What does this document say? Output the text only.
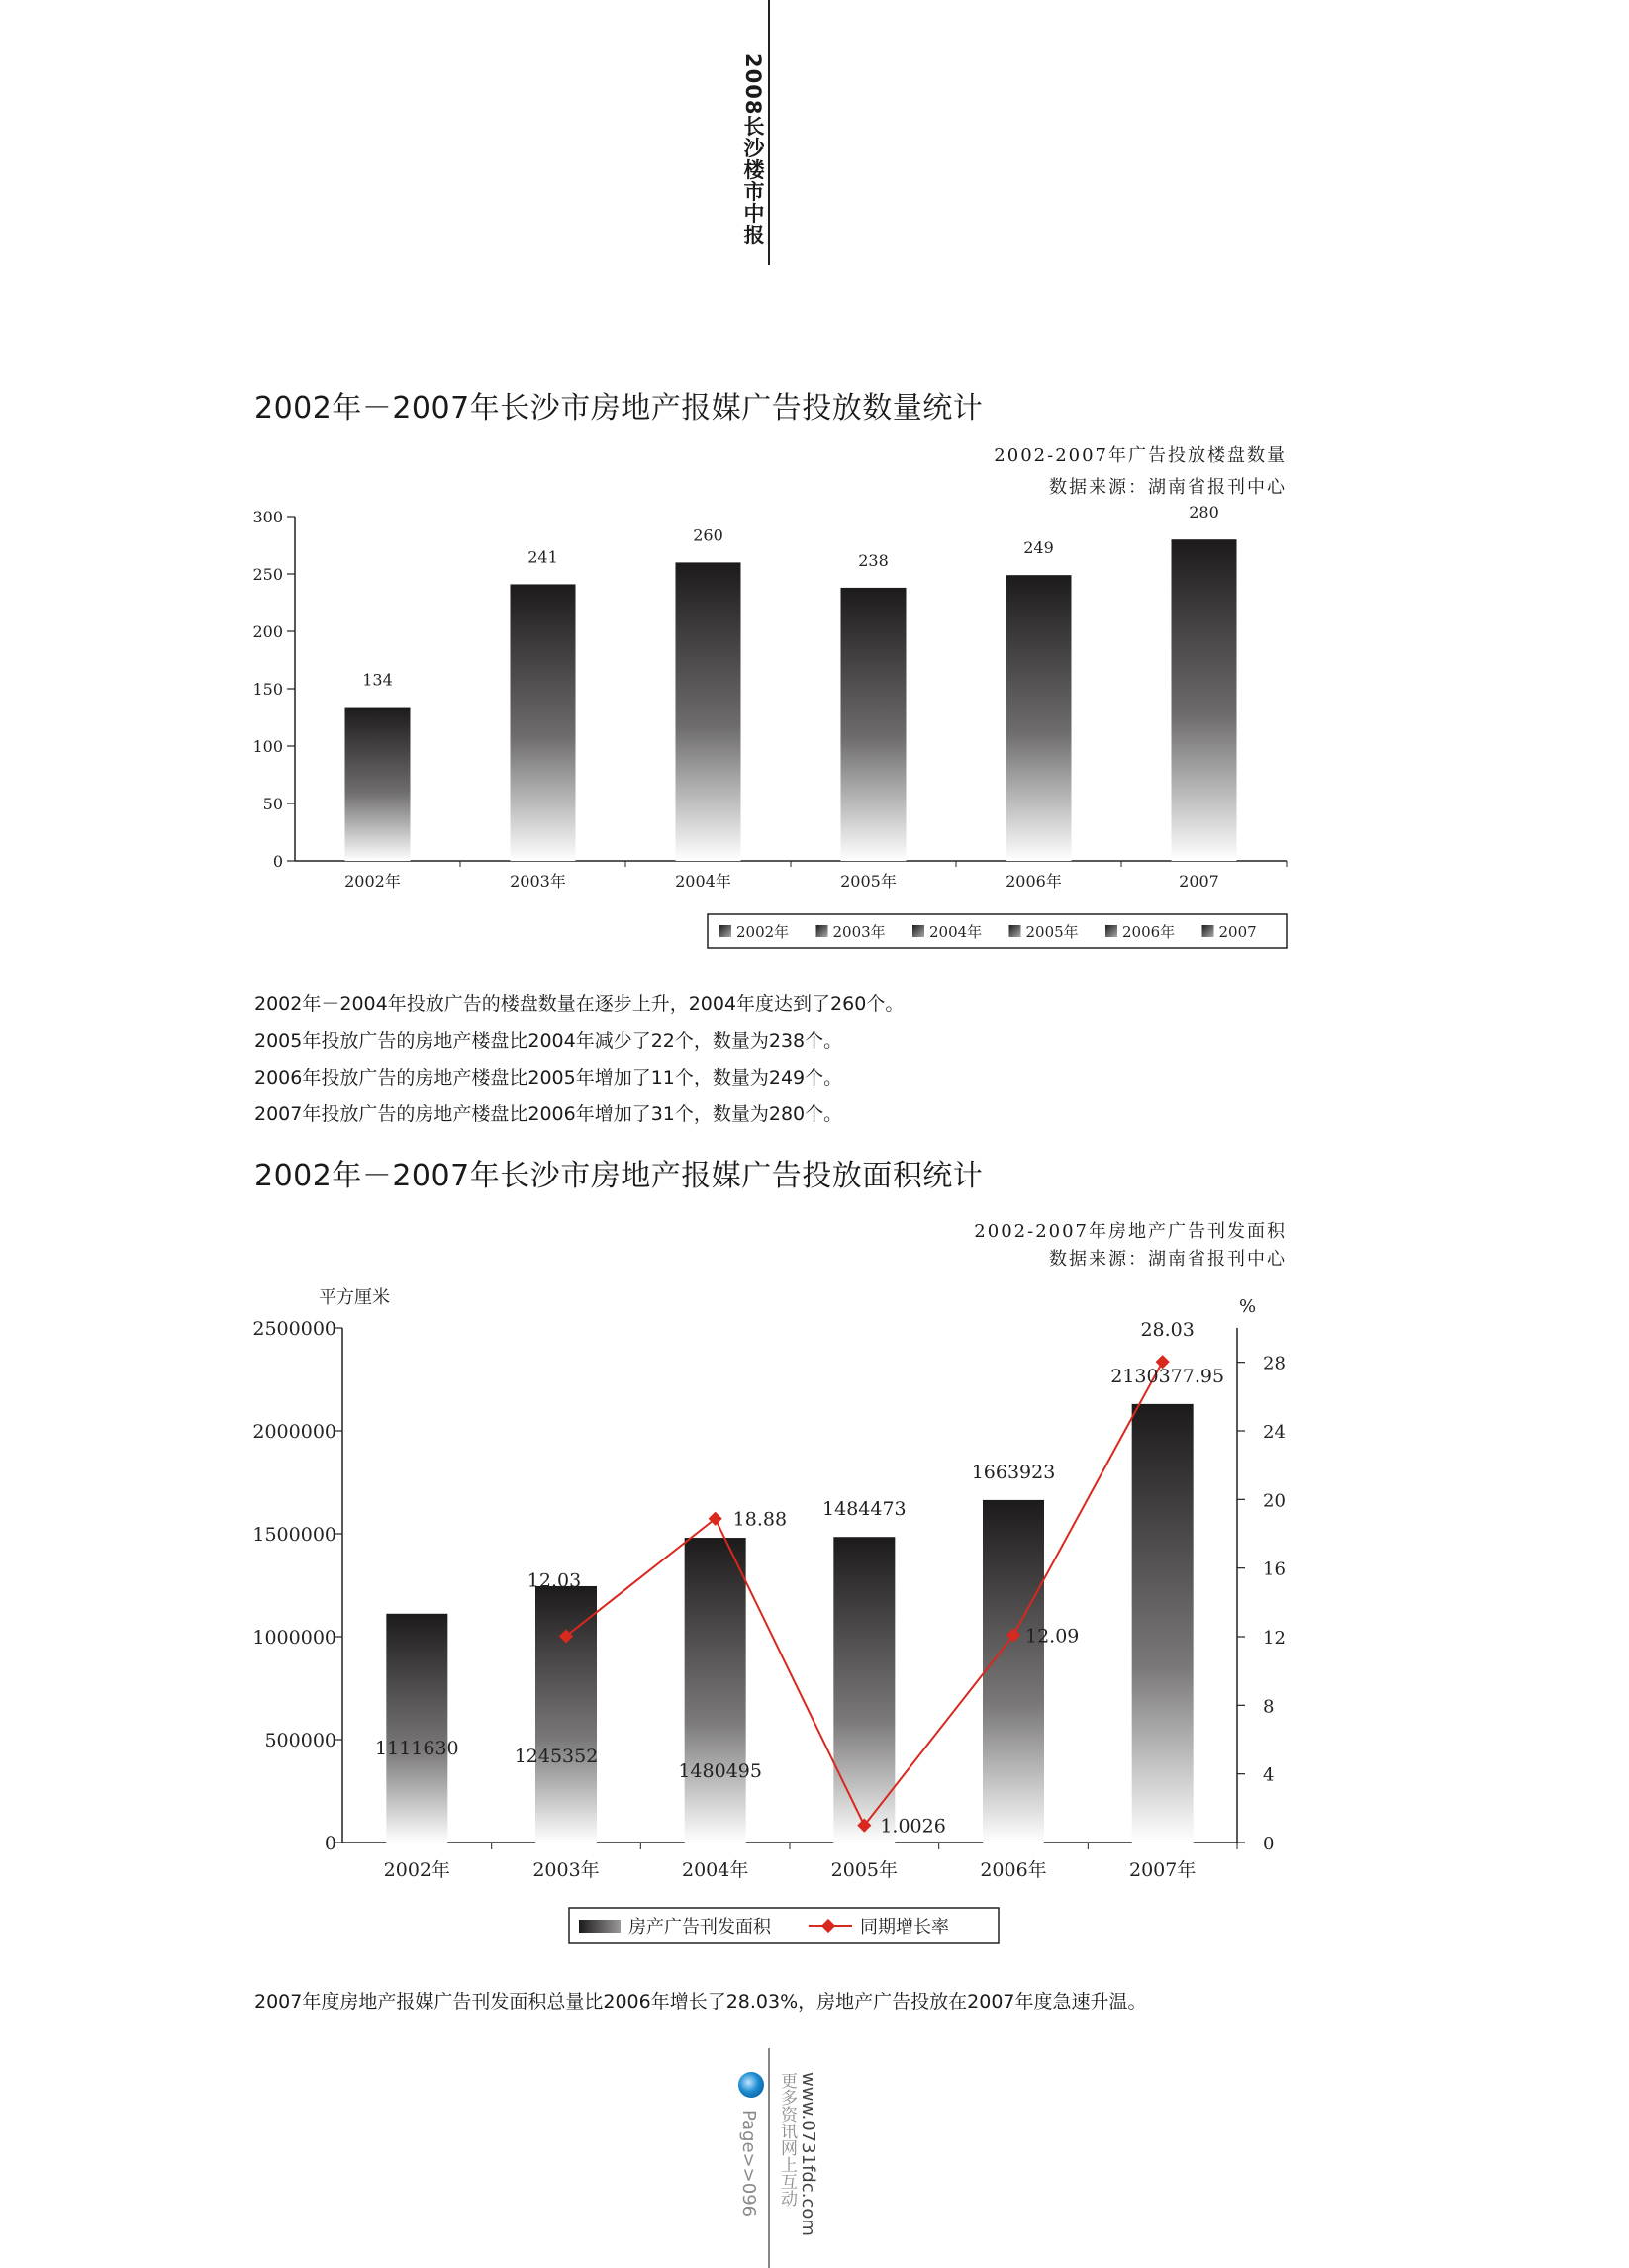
2008长沙楼市中报
2002年－2007年长沙市房地产报媒广告投放数量统计
2002-2007年广告投放楼盘数量
数据来源：湖南省报刊中心
0
50
100
150
200
250
300
2002年	2003年	2004年	2005年	2006年	2007
134
241
260
238
249
280
2002年	2003年	2004年	2005年	2006年	2007
2002年－2004年投放广告的楼盘数量在逐步上升，2004年度达到了260个。
2005年投放广告的房地产楼盘比2004年减少了22个，数量为238个。
2006年投放广告的房地产楼盘比2005年增加了11个，数量为249个。
2007年投放广告的房地产楼盘比2006年增加了31个，数量为280个。
2002年－2007年长沙市房地产报媒广告投放面积统计
2002-2007年房地产广告刊发面积
数据来源：湖南省报刊中心
平方厘米	%
0
500000
1000000
1500000
2000000
2500000
0
4
8
12
16
20
24
28
2002年	2003年	2004年	2005年	2006年	2007年
1111630	1245352
1480495
1484473
1663923
2130377.95
12.03
18.88
1.0026
12.09
28.03
房产广告刊发面积	同期增长率
2007年度房地产报媒广告刊发面积总量比2006年增长了28.03%，房地产广告投放在2007年度急速升温。
Page>>096 更多资讯网上互动 www.0731fdc.com
